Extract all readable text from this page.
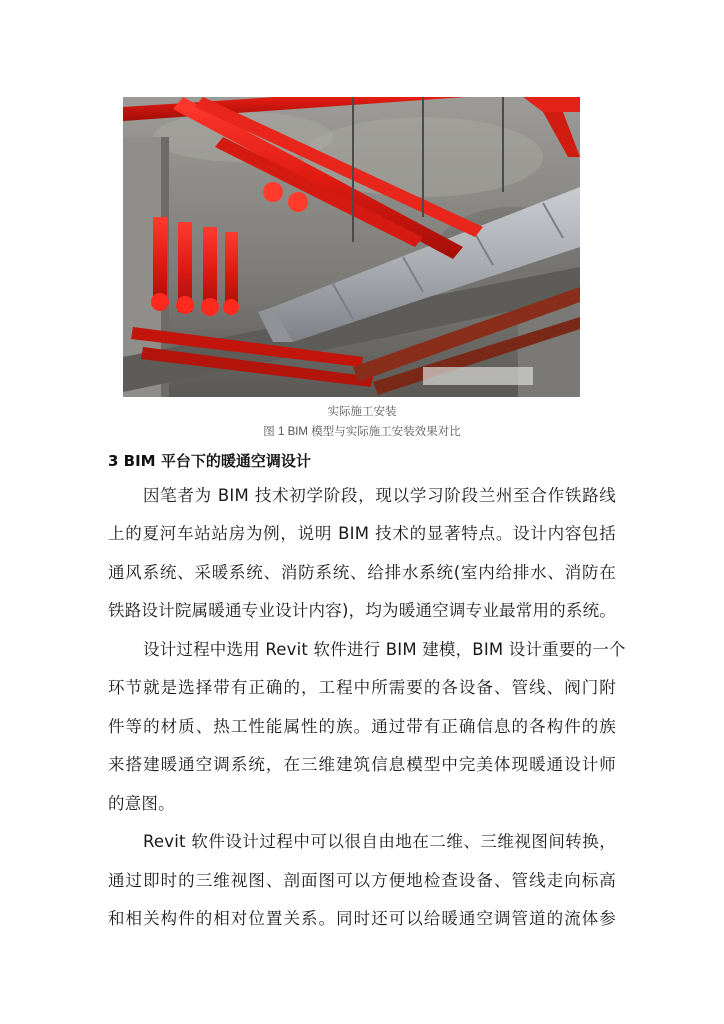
实际施工安装
图 1 BIM 模型与实际施工安装效果对比
3 BIM 平台下的暖通空调设计
因笔者为 BIM 技术初学阶段，现以学习阶段兰州至合作铁路线
上的夏河车站站房为例，说明 BIM 技术的显著特点。设计内容包括
通风系统、采暖系统、消防系统、给排水系统(室内给排水、消防在
铁路设计院属暖通专业设计内容)，均为暖通空调专业最常用的系统。
设计过程中选用 Revit 软件进行 BIM 建模，BIM 设计重要的一个
环节就是选择带有正确的，工程中所需要的各设备、管线、阀门附
件等的材质、热工性能属性的族。通过带有正确信息的各构件的族
来搭建暖通空调系统，在三维建筑信息模型中完美体现暖通设计师
的意图。
Revit 软件设计过程中可以很自由地在二维、三维视图间转换，
通过即时的三维视图、剖面图可以方便地检查设备、管线走向标高
和相关构件的相对位置关系。同时还可以给暖通空调管道的流体参
